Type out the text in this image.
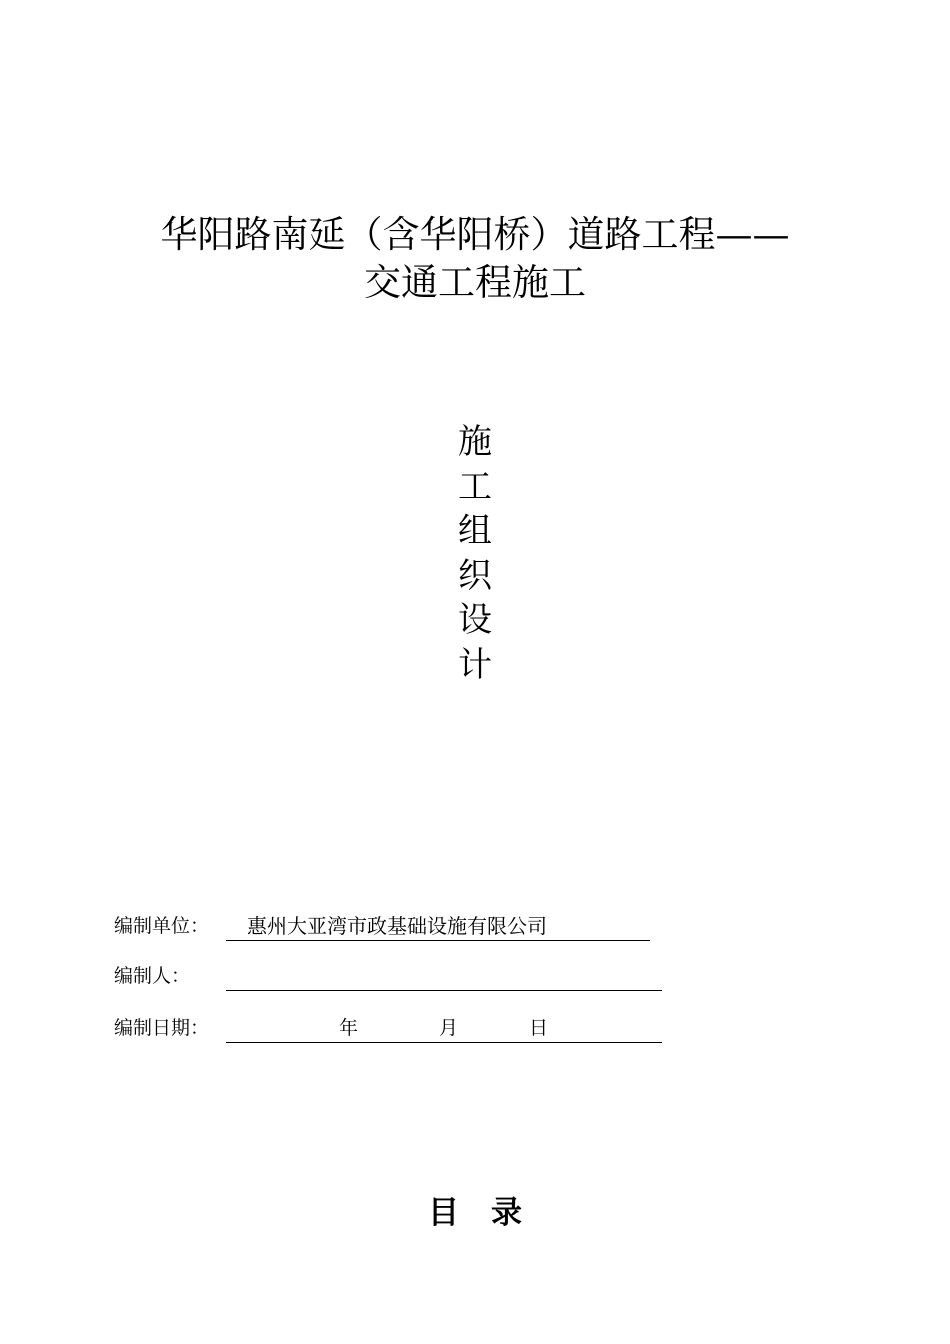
华阳路南延（含华阳桥）道路工程——
交通工程施工
施
工
组
织
设
计
编制单位： 惠州大亚湾市政基础设施有限公司
编制人：
编制日期：	年	月	日
目 录
